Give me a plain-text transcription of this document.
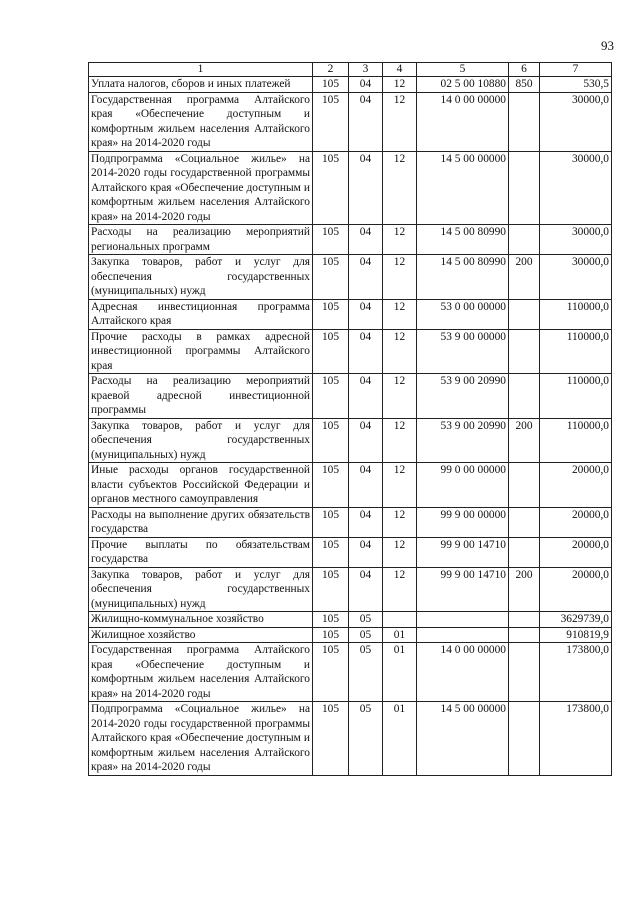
93
1	2	3	4	5	6	7
Уплата налогов, сборов и иных платежей	105	04	12	02 5 00 10880	850	530,5
Государственная программа Алтайского края «Обеспечение доступным и комфортным жильем населения Алтайского края» на 2014-2020 годы	105	04	12	14 0 00 00000		30000,0
Подпрограмма «Социальное жилье» на 2014-2020 годы государственной программы Алтайского края «Обеспечение доступным и комфортным жильем населения Алтайского края» на 2014-2020 годы	105	04	12	14 5 00 00000		30000,0
Расходы на реализацию мероприятий региональных программ	105	04	12	14 5 00 80990		30000,0
Закупка товаров, работ и услуг для обеспечения государственных (муниципальных) нужд	105	04	12	14 5 00 80990	200	30000,0
Адресная инвестиционная программа Алтайского края	105	04	12	53 0 00 00000		110000,0
Прочие расходы в рамках адресной инвестиционной программы Алтайского края	105	04	12	53 9 00 00000		110000,0
Расходы на реализацию мероприятий краевой адресной инвестиционной программы	105	04	12	53 9 00 20990		110000,0
Закупка товаров, работ и услуг для обеспечения государственных (муниципальных) нужд	105	04	12	53 9 00 20990	200	110000,0
Иные расходы органов государственной власти субъектов Российской Федерации и органов местного самоуправления	105	04	12	99 0 00 00000		20000,0
Расходы на выполнение других обязательств государства	105	04	12	99 9 00 00000		20000,0
Прочие выплаты по обязательствам государства	105	04	12	99 9 00 14710		20000,0
Закупка товаров, работ и услуг для обеспечения государственных (муниципальных) нужд	105	04	12	99 9 00 14710	200	20000,0
Жилищно-коммунальное хозяйство	105	05				3629739,0
Жилищное хозяйство	105	05	01			910819,9
Государственная программа Алтайского края «Обеспечение доступным и комфортным жильем населения Алтайского края» на 2014-2020 годы	105	05	01	14 0 00 00000		173800,0
Подпрограмма «Социальное жилье» на 2014-2020 годы государственной программы Алтайского края «Обеспечение доступным и комфортным жильем населения Алтайского края» на 2014-2020 годы	105	05	01	14 5 00 00000		173800,0
